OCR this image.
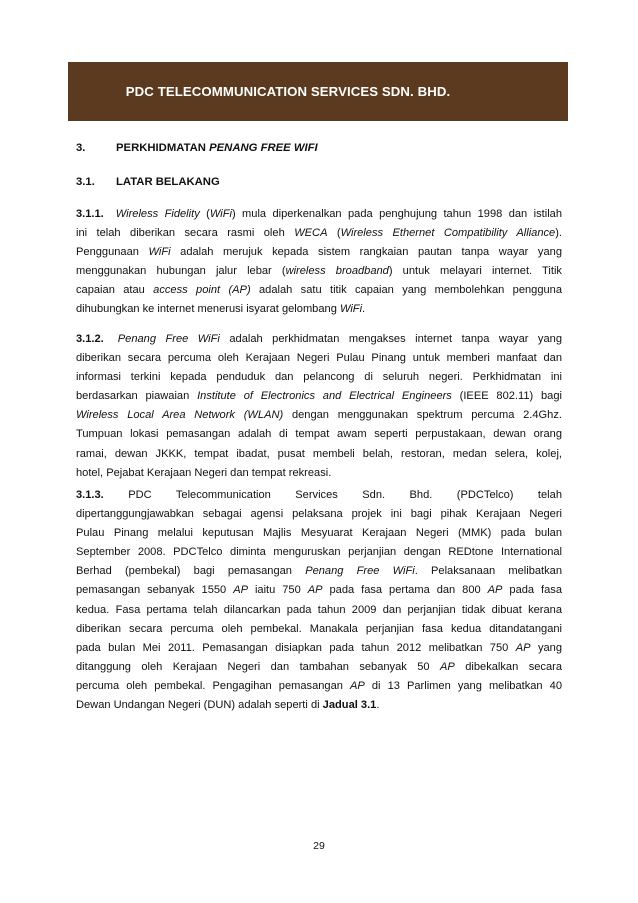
PDC TELECOMMUNICATION SERVICES SDN. BHD.
3.	PERKHIDMATAN PENANG FREE WIFI
3.1. LATAR BELAKANG
3.1.1. Wireless Fidelity (WiFi) mula diperkenalkan pada penghujung tahun 1998 dan istilah
ini telah diberikan secara rasmi oleh WECA (Wireless Ethernet Compatibility Alliance).
Penggunaan WiFi adalah merujuk kepada sistem rangkaian pautan tanpa wayar yang
menggunakan hubungan jalur lebar (wireless broadband) untuk melayari internet. Titik
capaian atau access point (AP) adalah satu titik capaian yang membolehkan pengguna
dihubungkan ke internet menerusi isyarat gelombang WiFi.
3.1.2. Penang Free WiFi adalah perkhidmatan mengakses internet tanpa wayar yang
diberikan secara percuma oleh Kerajaan Negeri Pulau Pinang untuk memberi manfaat dan
informasi terkini kepada penduduk dan pelancong di seluruh negeri. Perkhidmatan ini
berdasarkan piawaian Institute of Electronics and Electrical Engineers (IEEE 802.11) bagi
Wireless Local Area Network (WLAN) dengan menggunakan spektrum percuma 2.4Ghz.
Tumpuan lokasi pemasangan adalah di tempat awam seperti perpustakaan, dewan orang
ramai, dewan JKKK, tempat ibadat, pusat membeli belah, restoran, medan selera, kolej,
hotel, Pejabat Kerajaan Negeri dan tempat rekreasi.
3.1.3. PDC Telecommunication Services Sdn. Bhd. (PDCTelco) telah
dipertanggungjawabkan sebagai agensi pelaksana projek ini bagi pihak Kerajaan Negeri
Pulau Pinang melalui keputusan Majlis Mesyuarat Kerajaan Negeri (MMK) pada bulan
September 2008. PDCTelco diminta menguruskan perjanjian dengan REDtone International
Berhad (pembekal) bagi pemasangan Penang Free WiFi. Pelaksanaan melibatkan
pemasangan sebanyak 1550 AP iaitu 750 AP pada fasa pertama dan 800 AP pada fasa
kedua. Fasa pertama telah dilancarkan pada tahun 2009 dan perjanjian tidak dibuat kerana
diberikan secara percuma oleh pembekal. Manakala perjanjian fasa kedua ditandatangani
pada bulan Mei 2011. Pemasangan disiapkan pada tahun 2012 melibatkan 750 AP yang
ditanggung oleh Kerajaan Negeri dan tambahan sebanyak 50 AP dibekalkan secara
percuma oleh pembekal. Pengagihan pemasangan AP di 13 Parlimen yang melibatkan 40
Dewan Undangan Negeri (DUN) adalah seperti di Jadual 3.1.
29
